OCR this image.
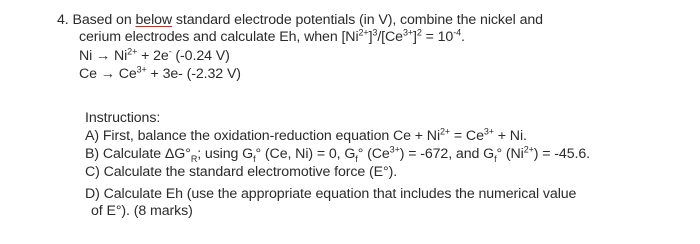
4. Based on below standard electrode potentials (in V), combine the nickel and
cerium electrodes and calculate Eh, when $[Ni^{2+}]^3/[Ce^{3+}]^2 = 10^{-4}$.
$Ni \to Ni^{2+} + 2e^-$ (-0.24 V)
$Ce \to Ce^{3+} + 3e-$ (-2.32 V)
Instructions:
A) First, balance the oxidation-reduction equation $Ce + Ni^{2+} = Ce^{3+} + Ni$.
B) Calculate $\Delta G^\circ_R$; using $G_f^\circ$ (Ce, Ni) = 0, $G_f^\circ$ $(Ce^{3+}) = -672$, and $G_f^\circ$ $(Ni^{2+}) = -45.6$.
C) Calculate the standard electromotive force (E°).
D) Calculate Eh (use the appropriate equation that includes the numerical value
of E°). (8 marks)
